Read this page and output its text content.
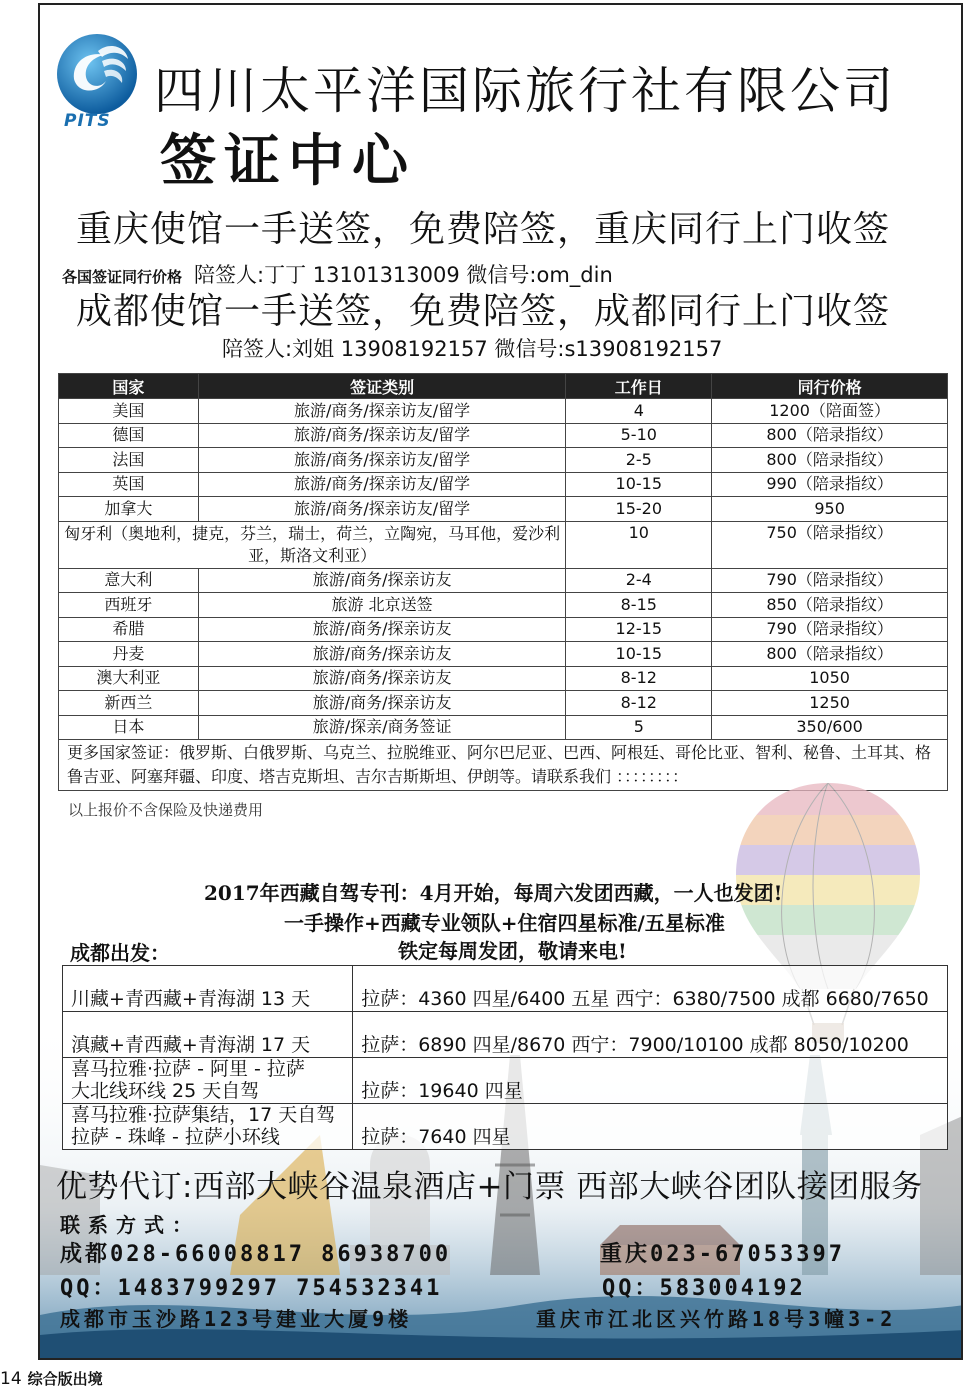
PITS
四川太平洋国际旅行社有限公司
签证中心
重庆使馆一手送签，免费陪签，重庆同行上门收签
各国签证同行价格 陪签人:丁丁 13101313009 微信号:om_din
成都使馆一手送签，免费陪签，成都同行上门收签
陪签人:刘姐 13908192157 微信号:s13908192157
国家	签证类别	工作日	同行价格
美国	旅游/商务/探亲访友/留学	4	1200（陪面签）
德国	旅游/商务/探亲访友/留学	5-10	800（陪录指纹）
法国	旅游/商务/探亲访友/留学	2-5	800（陪录指纹）
英国	旅游/商务/探亲访友/留学	10-15	990（陪录指纹）
加拿大	旅游/商务/探亲访友/留学	15-20	950
匈牙利（奥地利，捷克，芬兰，瑞士，荷兰，立陶宛，马耳他，爱沙利亚，斯洛文利亚）		10	750（陪录指纹）
意大利	旅游/商务/探亲访友	2-4	790（陪录指纹）
西班牙	旅游 北京送签	8-15	850（陪录指纹）
希腊	旅游/商务/探亲访友	12-15	790（陪录指纹）
丹麦	旅游/商务/探亲访友	10-15	800（陪录指纹）
澳大利亚	旅游/商务/探亲访友	8-12	1050
新西兰	旅游/商务/探亲访友	8-12	1250
日本	旅游/探亲/商务签证	5	350/600
更多国家签证：俄罗斯、白俄罗斯、乌克兰、拉脱维亚、阿尔巴尼亚、巴西、阿根廷、哥伦比亚、智利、秘鲁、土耳其、格鲁吉亚、阿塞拜疆、印度、塔吉克斯坦、吉尔吉斯斯坦、伊朗等。请联系我们 ：：：：：：：：			
以上报价不含保险及快递费用
2017年西藏自驾专刊：4月开始，每周六发团西藏，一人也发团!
一手操作+西藏专业领队+住宿四星标准/五星标准
铁定每周发团，敬请来电!
成都出发：
川藏+青西藏+青海湖 13 天	拉萨：4360 四星/6400 五星 西宁：6380/7500 成都 6680/7650
滇藏+青西藏+青海湖 17 天	拉萨：6890 四星/8670 西宁：7900/10100 成都 8050/10200
喜马拉雅·拉萨 - 阿里 - 拉萨
大北线环线 25 天自驾	拉萨：19640 四星
喜马拉雅·拉萨集结，17 天自驾
拉萨 - 珠峰 - 拉萨小环线	拉萨：7640 四星
优势代订:西部大峡谷温泉酒店+门票 西部大峡谷团队接团服务
联系方式：
成都028-66008817 86938700	重庆023-67053397
QQ：1483799297 754532341	QQ：583004192
成都市玉沙路123号建业大厦9楼	重庆市江北区兴竹路18号3幢3-2
14 综合版出境
